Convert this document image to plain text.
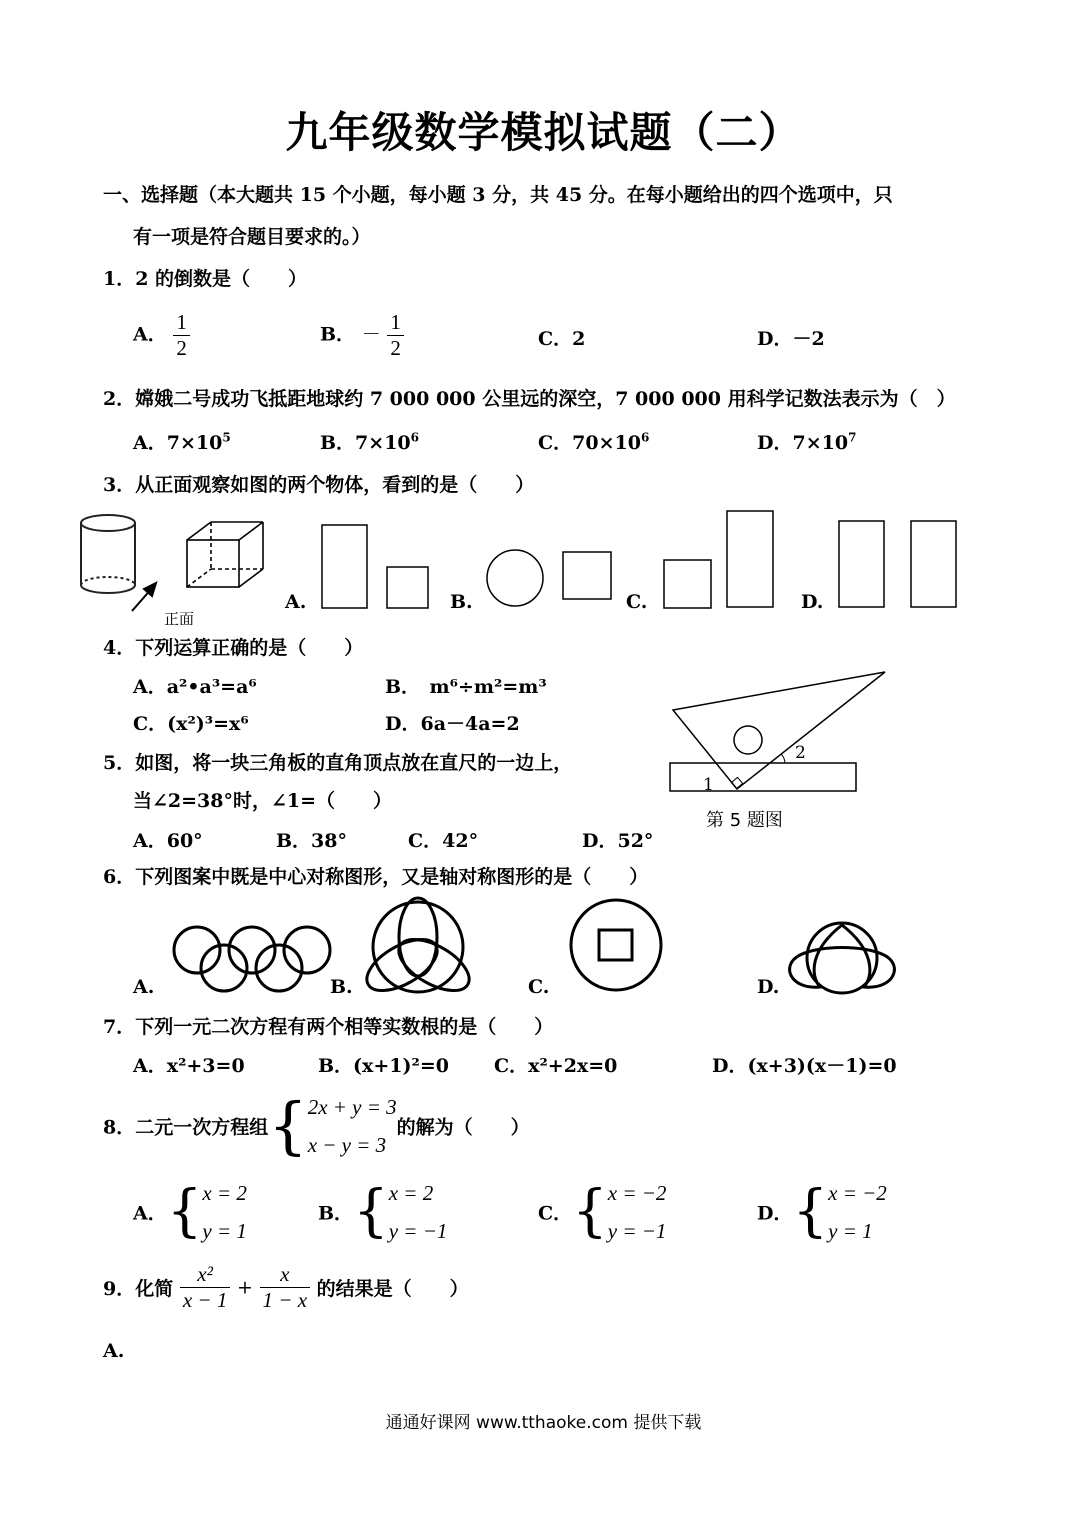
九年级数学模拟试题（二）
一、选择题（本大题共 15 个小题，每小题 3 分，共 45 分。在每小题给出的四个选项中，只
有一项是符合题目要求的。）
1．2 的倒数是（　　）
A． $\frac{1}{2}$	B． － $\frac{1}{2}$	C．2	D．－2
2．嫦娥二号成功飞抵距地球约 7 000 000 公里远的深空，7 000 000 用科学记数法表示为（　）
A．$7\times 10^5$	B．$7\times 10^6$	C．$70\times 10^6$	D．$7\times 10^7$
3．从正面观察如图的两个物体，看到的是（　　）
正面
A.	B.	C.	D.
4．下列运算正确的是（　　）
A．a²•a³=a⁶	B．　m⁶÷m²=m³
C．(x²)³=x⁶	D．6a－4a=2
1
2
第 5 题图
5．如图，将一块三角板的直角顶点放在直尺的一边上，
当∠2=38°时，∠1=（　　）
A．60°	B．38°	C．42°	D．52°
6．下列图案中既是中心对称图形，又是轴对称图形的是（　　）
A.	B.	C.	D.
7．下列一元二次方程有两个相等实数根的是（　　）
A．x²+3=0	B．(x+1)²=0 C．x²+2x=0	D．(x+3)(x－1)=0
8．二元一次方程组{ 2x + y = 3
x − y = 3
的解为（　　）
A．{ x = 2
y = 1
B．{ x = 2
y = −1
C．{ x = −2
y = −1
D．{ x = −2
y = 1
9．化简 $\frac{\text{x²}}{x - 1} + \frac{x}{1 - x}$ 的结果是（　　）
A.
通通好课网 www.tthaoke.com 提供下载
